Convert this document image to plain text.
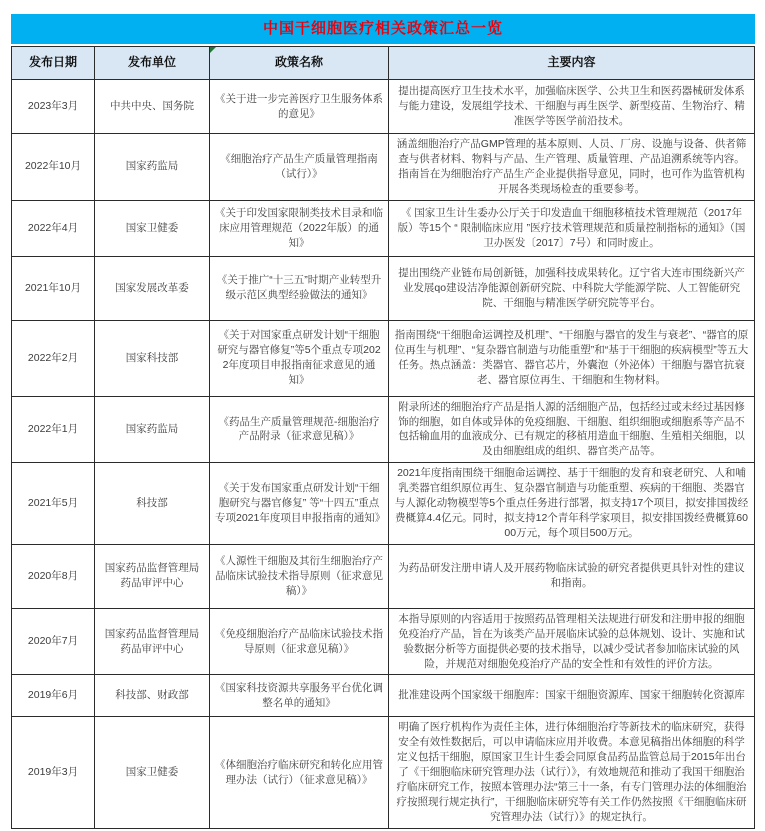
中国干细胞医疗相关政策汇总一览
发布日期	发布单位	政策名称	主要内容
2023年3月	中共中央、国务院	《关于进一步完善医疗卫生服务体系的意见》	提出提高医疗卫生技术水平，加强临床医学、公共卫生和医药器械研发体系与能力建设，发展组学技术、干细胞与再生医学、新型疫苗、生物治疗、精准医学等医学前沿技术。
2022年10月	国家药监局	《细胞治疗产品生产质量管理指南（试行）》	涵盖细胞治疗产品GMP管理的基本原则、人员、厂房、设施与设备、供者筛查与供者材料、物料与产品、生产管理、质量管理、产品追溯系统等内容。指南旨在为细胞治疗产品生产企业提供指导意见，同时，也可作为监管机构开展各类现场检查的重要参考。
2022年4月	国家卫健委	《关于印发国家限制类技术目录和临床应用管理规范（2022年版）的通知》	《 国家卫生计生委办公厅关于印发造血干细胞移植技术管理规范（2017年版）等15个 “ 限制临床应用 ”医疗技术管理规范和质量控制指标的通知》（国卫办医发〔2017〕7号）和同时废止。
2021年10月	国家发展改革委	《关于推广“十三五”时期产业转型升级示范区典型经验做法的通知》	提出围绕产业链布局创新链，加强科技成果转化。辽宁省大连市围绕新兴产业发展qo建设洁净能源创新研究院、中科院大学能源学院、人工智能研究院、干细胞与精准医学研究院等平台。
2022年2月	国家科技部	《关于对国家重点研发计划“干细胞研究与器官修复”等5个重点专项2022年度项目申报指南征求意见的通知》	指南围绕“干细胞命运调控及机理”、“干细胞与器官的发生与衰老”、“器官的原位再生与机理”、“复杂器官制造与功能重塑”和“基于干细胞的疾病模型”等五大任务。热点涵盖：类器官、器官芯片，外囊泡（外泌体）干细胞与器官抗衰老、器官原位再生、干细胞和生物材料。
2022年1月	国家药监局	《药品生产质量管理规范-细胞治疗产品附录（征求意见稿）》	附录所述的细胞治疗产品是指人源的活细胞产品，包括经过或未经过基因修饰的细胞，如自体或异体的免疫细胞、干细胞、组织细胞或细胞系等产品不包括输血用的血液成分、已有规定的移植用造血干细胞、生殖相关细胞，以及由细胞组成的组织、器官类产品等。
2021年5月	科技部	《关于发布国家重点研发计划“干细胞研究与器官修复” 等“十四五”重点专项2021年度项目申报指南的通知》	2021年度指南围绕干细胞命运调控、基于干细胞的发育和衰老研究、人和哺乳类器官组织原位再生、复杂器官制造与功能重塑、疾病的干细胞、类器官与人源化动物模型等5个重点任务进行部署，拟支持17个项目，拟安排国拨经费概算4.4亿元。同时，拟支持12个青年科学家项目，拟安排国拨经费概算6000万元，每个项目500万元。
2020年8月	国家药品监督管理局药品审评中心	《人源性干细胞及其衍生细胞治疗产品临床试验技术指导原则（征求意见稿）》	为药品研发注册申请人及开展药物临床试验的研究者提供更具针对性的建议和指南。
2020年7月	国家药品监督管理局药品审评中心	《免疫细胞治疗产品临床试验技术指导原则（征求意见稿）》	本指导原则的内容适用于按照药品管理相关法规进行研发和注册申报的细胞免疫治疗产品，旨在为该类产品开展临床试验的总体规划、设计、实施和试验数据分析等方面提供必要的技术指导，以减少受试者参加临床试验的风险，并规范对细胞免疫治疗产品的安全性和有效性的评价方法。
2019年6月	科技部、财政部	《国家科技资源共享服务平台优化调整名单的通知》	批准建设两个国家级干细胞库：国家干细胞资源库、国家干细胞转化资源库
2019年3月	国家卫健委	《体细胞治疗临床研究和转化应用管理办法（试行）（征求意见稿）》	明确了医疗机构作为责任主体，进行体细胞治疗等新技术的临床研究，获得安全有效性数据后，可以申请临床应用并收费。本意见稿指出体细胞的科学定义包括干细胞，原国家卫生计生委会同原食品药品监管总局于2015年出台了《干细胞临床研究管理办法（试行）》，有效地规范和推动了我国干细胞治疗临床研究工作，按照本管理办法“第三十一条，有专门管理办法的体细胞治疗按照现行规定执行”，干细胞临床研究等有关工作仍然按照《干细胞临床研究管理办法（试行）》的规定执行。
